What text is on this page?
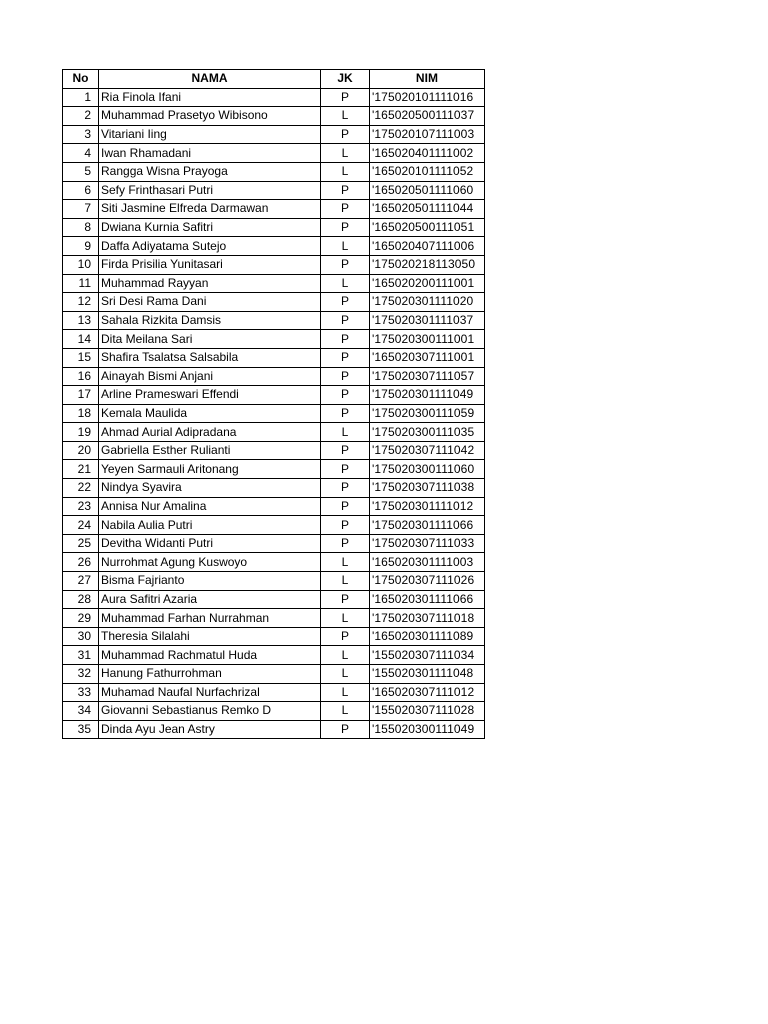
No	NAMA	JK	NIM
1	Ria Finola Ifani	P	'175020101111016
2	Muhammad Prasetyo Wibisono	L	'165020500111037
3	Vitariani Iing	P	'175020107111003
4	Iwan Rhamadani	L	'165020401111002
5	Rangga Wisna Prayoga	L	'165020101111052
6	Sefy Frinthasari Putri	P	'165020501111060
7	Siti Jasmine Elfreda Darmawan	P	'165020501111044
8	Dwiana Kurnia Safitri	P	'165020500111051
9	Daffa Adiyatama Sutejo	L	'165020407111006
10	Firda Prisilia Yunitasari	P	'175020218113050
11	Muhammad Rayyan	L	'165020200111001
12	Sri Desi Rama Dani	P	'175020301111020
13	Sahala Rizkita Damsis	P	'175020301111037
14	Dita Meilana Sari	P	'175020300111001
15	Shafira Tsalatsa Salsabila	P	'165020307111001
16	Ainayah Bismi Anjani	P	'175020307111057
17	Arline Prameswari Effendi	P	'175020301111049
18	Kemala Maulida	P	'175020300111059
19	Ahmad Aurial Adipradana	L	'175020300111035
20	Gabriella Esther Rulianti	P	'175020307111042
21	Yeyen Sarmauli Aritonang	P	'175020300111060
22	Nindya Syavira	P	'175020307111038
23	Annisa Nur Amalina	P	'175020301111012
24	Nabila Aulia Putri	P	'175020301111066
25	Devitha Widanti Putri	P	'175020307111033
26	Nurrohmat Agung Kuswoyo	L	'165020301111003
27	Bisma Fajrianto	L	'175020307111026
28	Aura Safitri Azaria	P	'165020301111066
29	Muhammad Farhan Nurrahman	L	'175020307111018
30	Theresia Silalahi	P	'165020301111089
31	Muhammad Rachmatul Huda	L	'155020307111034
32	Hanung Fathurrohman	L	'155020301111048
33	Muhamad Naufal Nurfachrizal	L	'165020307111012
34	Giovanni Sebastianus Remko D	L	'155020307111028
35	Dinda Ayu Jean Astry	P	'155020300111049
